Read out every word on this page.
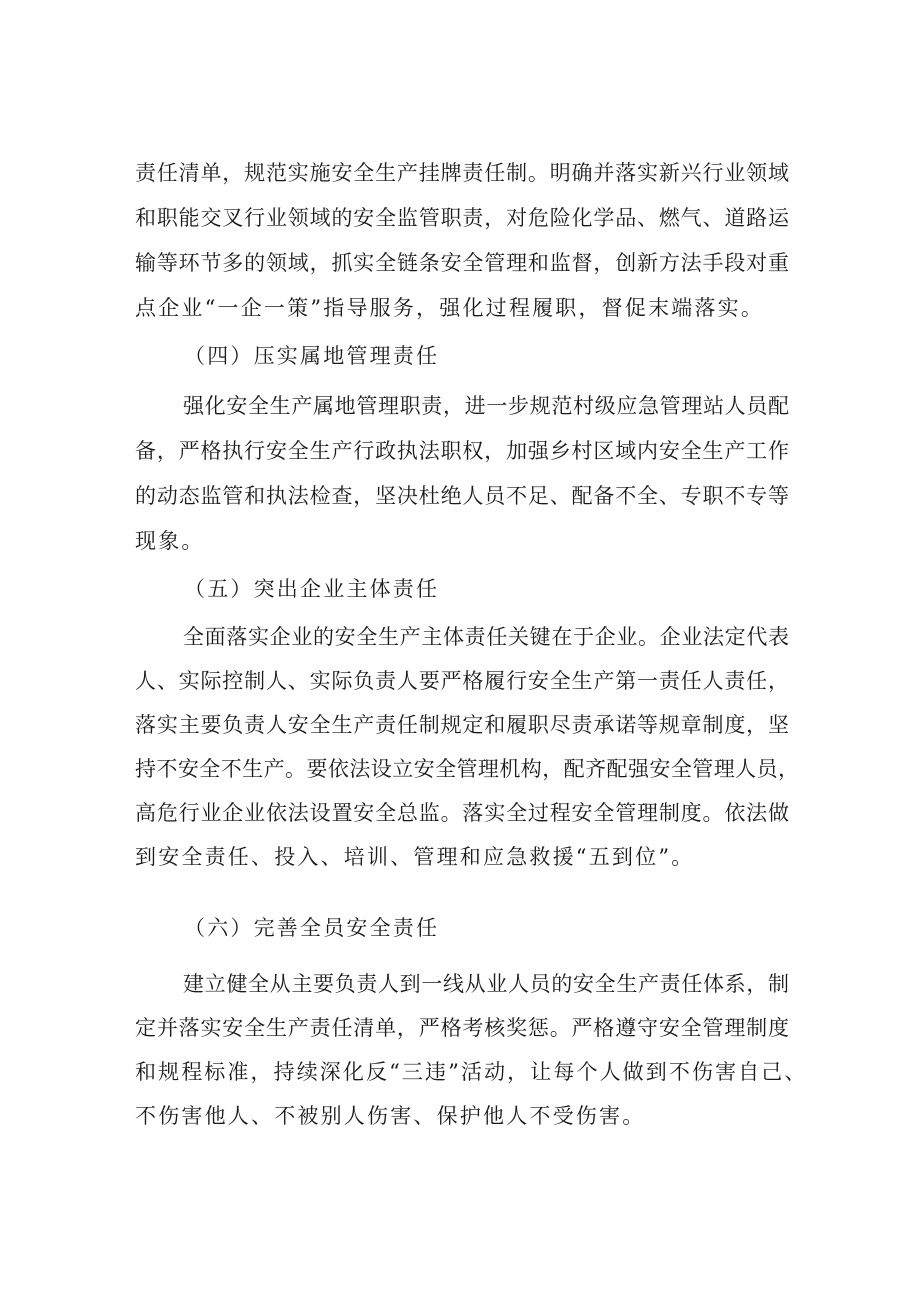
责任清单，规范实施安全生产挂牌责任制。明确并落实新兴行业领域
和职能交叉行业领域的安全监管职责，对危险化学品、燃气、道路运
输等环节多的领域，抓实全链条安全管理和监督，创新方法手段对重
点企业“一企一策”指导服务，强化过程履职，督促末端落实。
（四）压实属地管理责任
强化安全生产属地管理职责，进一步规范村级应急管理站人员配
备，严格执行安全生产行政执法职权，加强乡村区域内安全生产工作
的动态监管和执法检查，坚决杜绝人员不足、配备不全、专职不专等
现象。
（五）突出企业主体责任
全面落实企业的安全生产主体责任关键在于企业。企业法定代表
人、实际控制人、实际负责人要严格履行安全生产第一责任人责任，
落实主要负责人安全生产责任制规定和履职尽责承诺等规章制度，坚
持不安全不生产。要依法设立安全管理机构，配齐配强安全管理人员，
高危行业企业依法设置安全总监。落实全过程安全管理制度。依法做
到安全责任、投入、培训、管理和应急救援“五到位”。
（六）完善全员安全责任
建立健全从主要负责人到一线从业人员的安全生产责任体系，制
定并落实安全生产责任清单，严格考核奖惩。严格遵守安全管理制度
和规程标准，持续深化反“三违”活动，让每个人做到不伤害自己、
不伤害他人、不被别人伤害、保护他人不受伤害。
